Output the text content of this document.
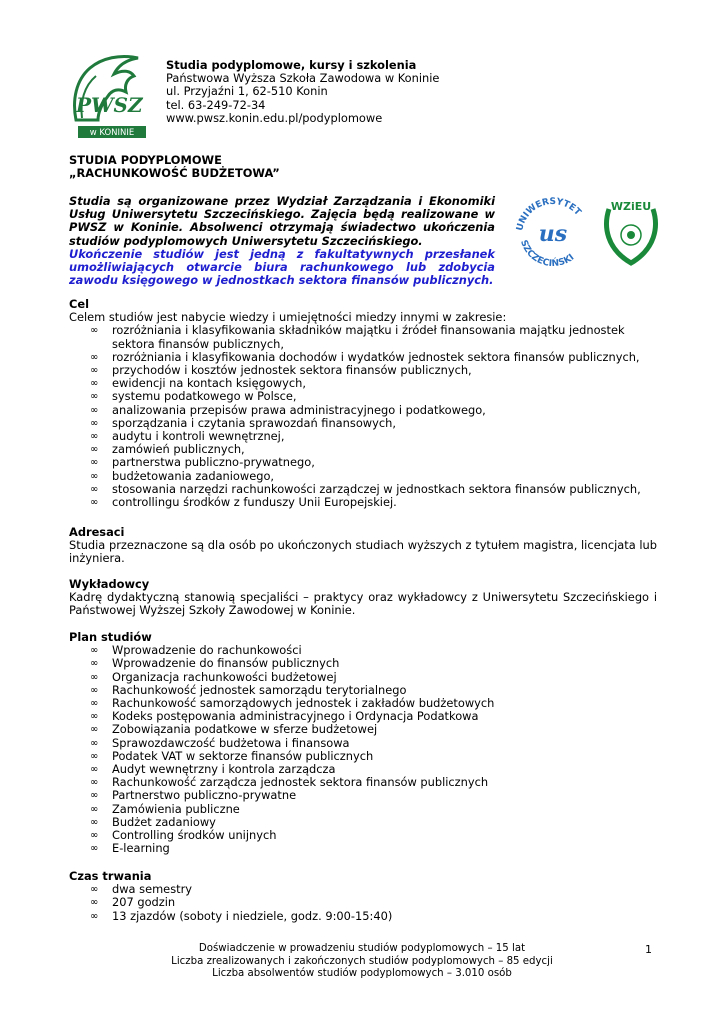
PWSZ
w KONINIE
Studia podyplomowe, kursy i szkolenia
Państwowa Wyższa Szkoła Zawodowa w Koninie
ul. Przyjaźni 1, 62-510 Konin
tel. 63-249-72-34
www.pwsz.konin.edu.pl/podyplomowe
STUDIA PODYPLOMOWE
„RACHUNKOWOŚĆ BUDŻETOWA”

Studia są organizowane przez Wydział Zarządzania i Ekonomiki Usług Uniwersytetu Szczecińskiego. Zajęcia będą realizowane w PWSZ w Koninie. Absolwenci otrzymają świadectwo ukończenia studiów podyplomowych Uniwersytetu Szczecińskiego.

Ukończenie studiów jest jedną z fakultatywnych przesłanek umożliwiających otwarcie biura rachunkowego lub zdobycia zawodu księgowego w jednostkach sektora finansów publicznych.

UNIWERSYTET
SZCZECIŃSKI
us
WZiEU
Cel

Celem studiów jest nabycie wiedzy i umiejętności miedzy innymi w zakresie:

∞ rozróżniania i klasyfikowania składników majątku i źródeł finansowania majątku jednostek sektora finansów publicznych,
∞ rozróżniania i klasyfikowania dochodów i wydatków jednostek sektora finansów publicznych,
∞ przychodów i kosztów jednostek sektora finansów publicznych,
∞ ewidencji na kontach księgowych,
∞ systemu podatkowego w Polsce,
∞ analizowania przepisów prawa administracyjnego i podatkowego,
∞ sporządzania i czytania sprawozdań finansowych,
∞ audytu i kontroli wewnętrznej,
∞ zamówień publicznych,
∞ partnerstwa publiczno-prywatnego,
∞ budżetowania zadaniowego,
∞ stosowania narzędzi rachunkowości zarządczej w jednostkach sektora finansów publicznych,
∞ controllingu środków z funduszy Unii Europejskiej.
Adresaci

Studia przeznaczone są dla osób po ukończonych studiach wyższych z tytułem magistra, licencjata lub inżyniera.

Wykładowcy

Kadrę dydaktyczną stanowią specjaliści – praktycy oraz wykładowcy z Uniwersytetu Szczecińskiego i Państwowej Wyższej Szkoły Zawodowej w Koninie.

Plan studiów
∞ Wprowadzenie do rachunkowości
∞ Wprowadzenie do finansów publicznych
∞ Organizacja rachunkowości budżetowej
∞ Rachunkowość jednostek samorządu terytorialnego
∞ Rachunkowość samorządowych jednostek i zakładów budżetowych
∞ Kodeks postępowania administracyjnego i Ordynacja Podatkowa
∞ Zobowiązania podatkowe w sferze budżetowej
∞ Sprawozdawczość budżetowa i finansowa
∞ Podatek VAT w sektorze finansów publicznych
∞ Audyt wewnętrzny i kontrola zarządcza
∞ Rachunkowość zarządcza jednostek sektora finansów publicznych
∞ Partnerstwo publiczno-prywatne
∞ Zamówienia publiczne
∞ Budżet zadaniowy
∞ Controlling środków unijnych
∞ E-learning
Czas trwania
∞ dwa semestry
∞ 207 godzin
∞ 13 zjazdów (soboty i niedziele, godz. 9:00-15:40)
Doświadczenie w prowadzeniu studiów podyplomowych – 15 lat
Liczba zrealizowanych i zakończonych studiów podyplomowych – 85 edycji
Liczba absolwentów studiów podyplomowych – 3.010 osób
1
